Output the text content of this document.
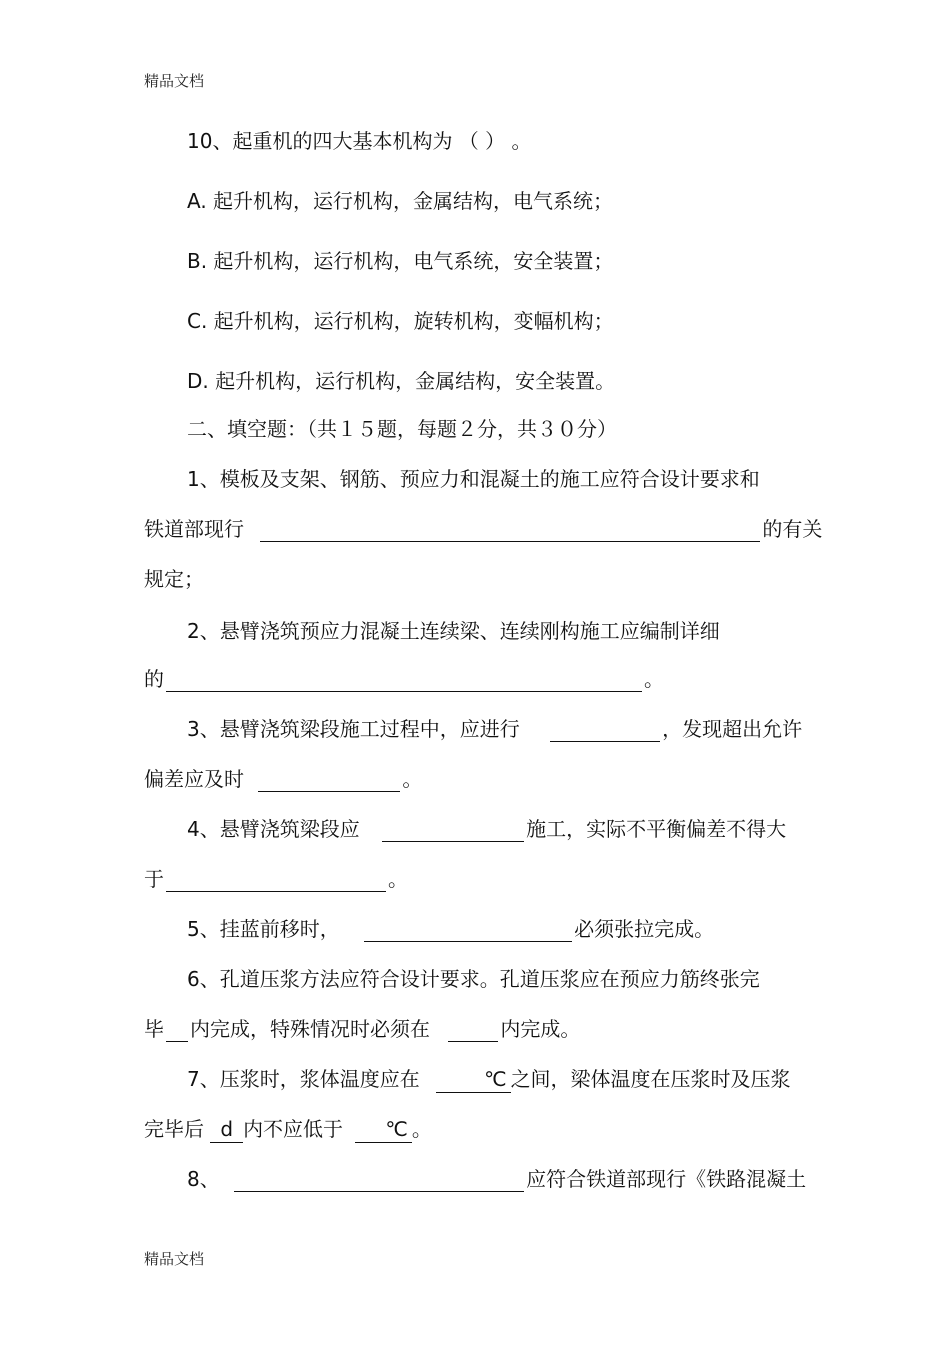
精品文档
10、起重机的四大基本机构为 （ ） 。
A. 起升机构，运行机构，金属结构，电气系统；
B. 起升机构，运行机构，电气系统，安全装置；
C. 起升机构，运行机构，旋转机构，变幅机构；
D. 起升机构，运行机构，金属结构，安全装置。
二、填空题：（共１５题，每题２分，共３０分）
1、模板及支架、钢筋、预应力和混凝土的施工应符合设计要求和
铁道部现行	的有关
规定；
2、悬臂浇筑预应力混凝土连续梁、连续刚构施工应编制详细
的	。
3、悬臂浇筑梁段施工过程中，应进行	，发现超出允许
偏差应及时	。
4、悬臂浇筑梁段应	施工，实际不平衡偏差不得大
于	。
5、挂蓝前移时，	必须张拉完成。
6、孔道压浆方法应符合设计要求。孔道压浆应在预应力筋终张完
毕 内完成，特殊情况时必须在	内完成。
7、压浆时，浆体温度应在	℃ 之间，梁体温度在压浆时及压浆
完毕后 d 内不应低于 ℃ 。
8、	应符合铁道部现行《铁路混凝土
精品文档
